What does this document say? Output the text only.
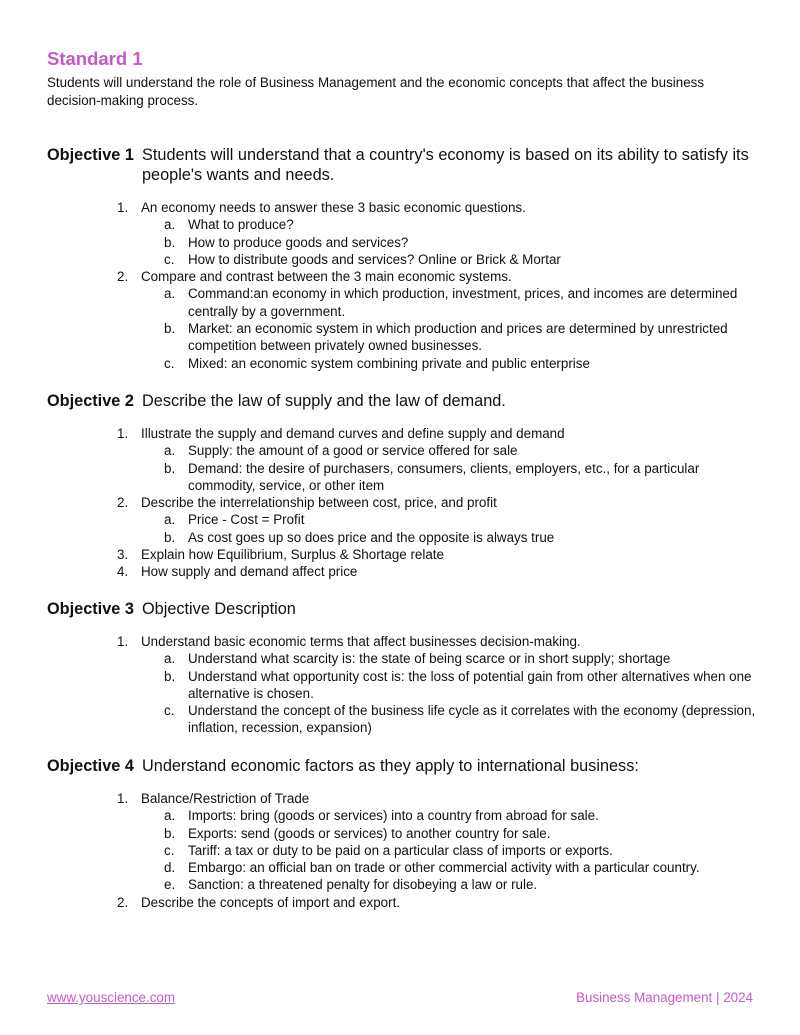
Standard 1
Students will understand the role of Business Management and the economic concepts that affect the business decision-making process.
Objective 1 Students will understand that a country's economy is based on its ability to satisfy its people's wants and needs.
1. An economy needs to answer these 3 basic economic questions.
a. What to produce?
b. How to produce goods and services?
c.	How to distribute goods and services? Online or Brick & Mortar
2. Compare and contrast between the 3 main economic systems.
a. Command:an economy in which production, investment, prices, and incomes are determined centrally by a government.
b. Market: an economic system in which production and prices are determined by unrestricted competition between privately owned businesses.
c.	Mixed: an economic system combining private and public enterprise
Objective 2 Describe the law of supply and the law of demand.
1. Illustrate the supply and demand curves and define supply and demand
a. Supply: the amount of a good or service offered for sale
b. Demand: the desire of purchasers, consumers, clients, employers, etc., for a particular commodity, service, or other item
2. Describe the interrelationship between cost, price, and profit
a. Price - Cost = Profit
b. As cost goes up so does price and the opposite is always true
3. Explain how Equilibrium, Surplus & Shortage relate
4. How supply and demand affect price
Objective 3 Objective Description
1. Understand basic economic terms that affect businesses decision-making.
a. Understand what scarcity is: the state of being scarce or in short supply; shortage
b. Understand what opportunity cost is: the loss of potential gain from other alternatives when one alternative is chosen.
c.	Understand the concept of the business life cycle as it correlates with the economy (depression, inflation, recession, expansion)
Objective 4 Understand economic factors as they apply to international business:
1. Balance/Restriction of Trade
a. Imports: bring (goods or services) into a country from abroad for sale.
b. Exports: send (goods or services) to another country for sale.
c.	Tariff: a tax or duty to be paid on a particular class of imports or exports.
d. Embargo: an official ban on trade or other commercial activity with a particular country.
e. Sanction: a threatened penalty for disobeying a law or rule.
2. Describe the concepts of import and export.
www.youscience.com	Business Management | 2024
